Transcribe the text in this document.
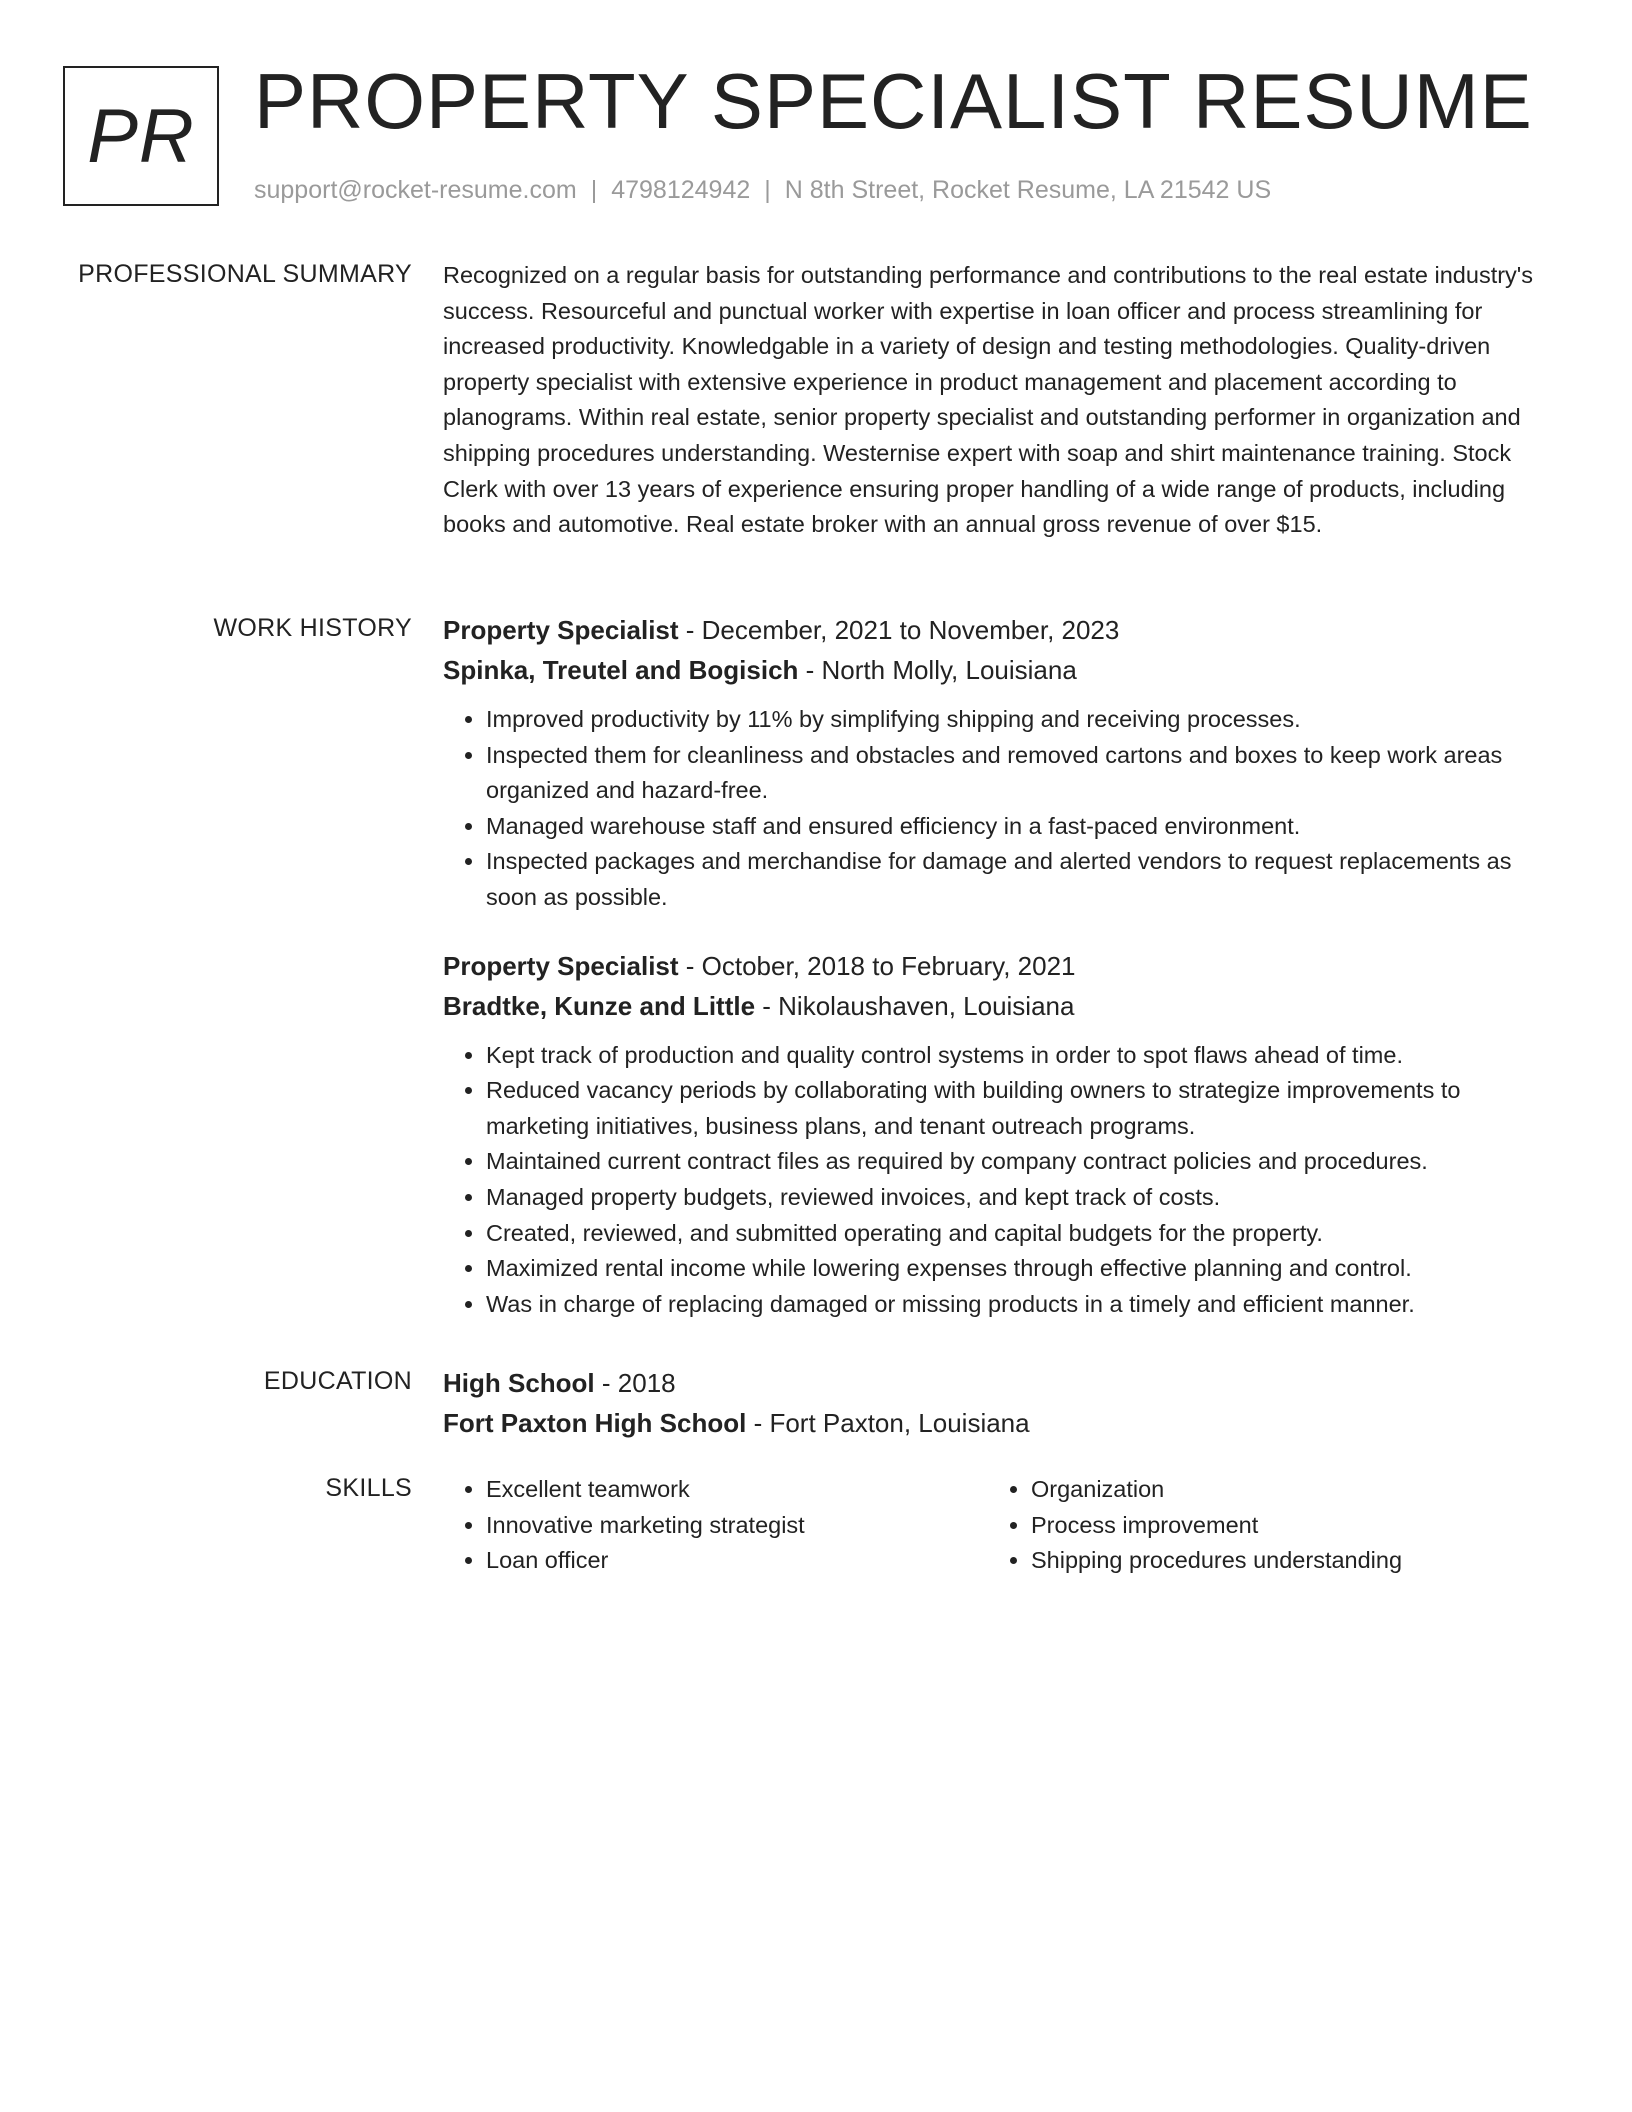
PR PROPERTY SPECIALIST RESUME
support@rocket-resume.com | 4798124942 | N 8th Street, Rocket Resume, LA 21542 US
PROFESSIONAL SUMMARY Recognized on a regular basis for outstanding performance and contributions to the real estate industry's success. Resourceful and punctual worker with expertise in loan officer and process streamlining for increased productivity. Knowledgable in a variety of design and testing methodologies. Quality-driven property specialist with extensive experience in product management and placement according to planograms. Within real estate, senior property specialist and outstanding performer in organization and shipping procedures understanding. Westernise expert with soap and shirt maintenance training. Stock Clerk with over 13 years of experience ensuring proper handling of a wide range of products, including books and automotive. Real estate broker with an annual gross revenue of over $15.

WORK HISTORY Property Specialist - December, 2021 to November, 2023
Spinka, Treutel and Bogisich - North Molly, Louisiana
• Improved productivity by 11% by simplifying shipping and receiving processes.
• Inspected them for cleanliness and obstacles and removed cartons and boxes to keep work areas organized and hazard-free.
• Managed warehouse staff and ensured efficiency in a fast-paced environment.
• Inspected packages and merchandise for damage and alerted vendors to request replacements as soon as possible.
Property Specialist - October, 2018 to February, 2021
Bradtke, Kunze and Little - Nikolaushaven, Louisiana
• Kept track of production and quality control systems in order to spot flaws ahead of time.
• Reduced vacancy periods by collaborating with building owners to strategize improvements to marketing initiatives, business plans, and tenant outreach programs.
• Maintained current contract files as required by company contract policies and procedures.
• Managed property budgets, reviewed invoices, and kept track of costs.
• Created, reviewed, and submitted operating and capital budgets for the property.
• Maximized rental income while lowering expenses through effective planning and control.
• Was in charge of replacing damaged or missing products in a timely and efficient manner.
EDUCATION High School - 2018
Fort Paxton High School - Fort Paxton, Louisiana
SKILLS
•	Excellent teamwork
• Innovative marketing strategist
• Loan officer
• Organization
• Process improvement
• Shipping procedures understanding
